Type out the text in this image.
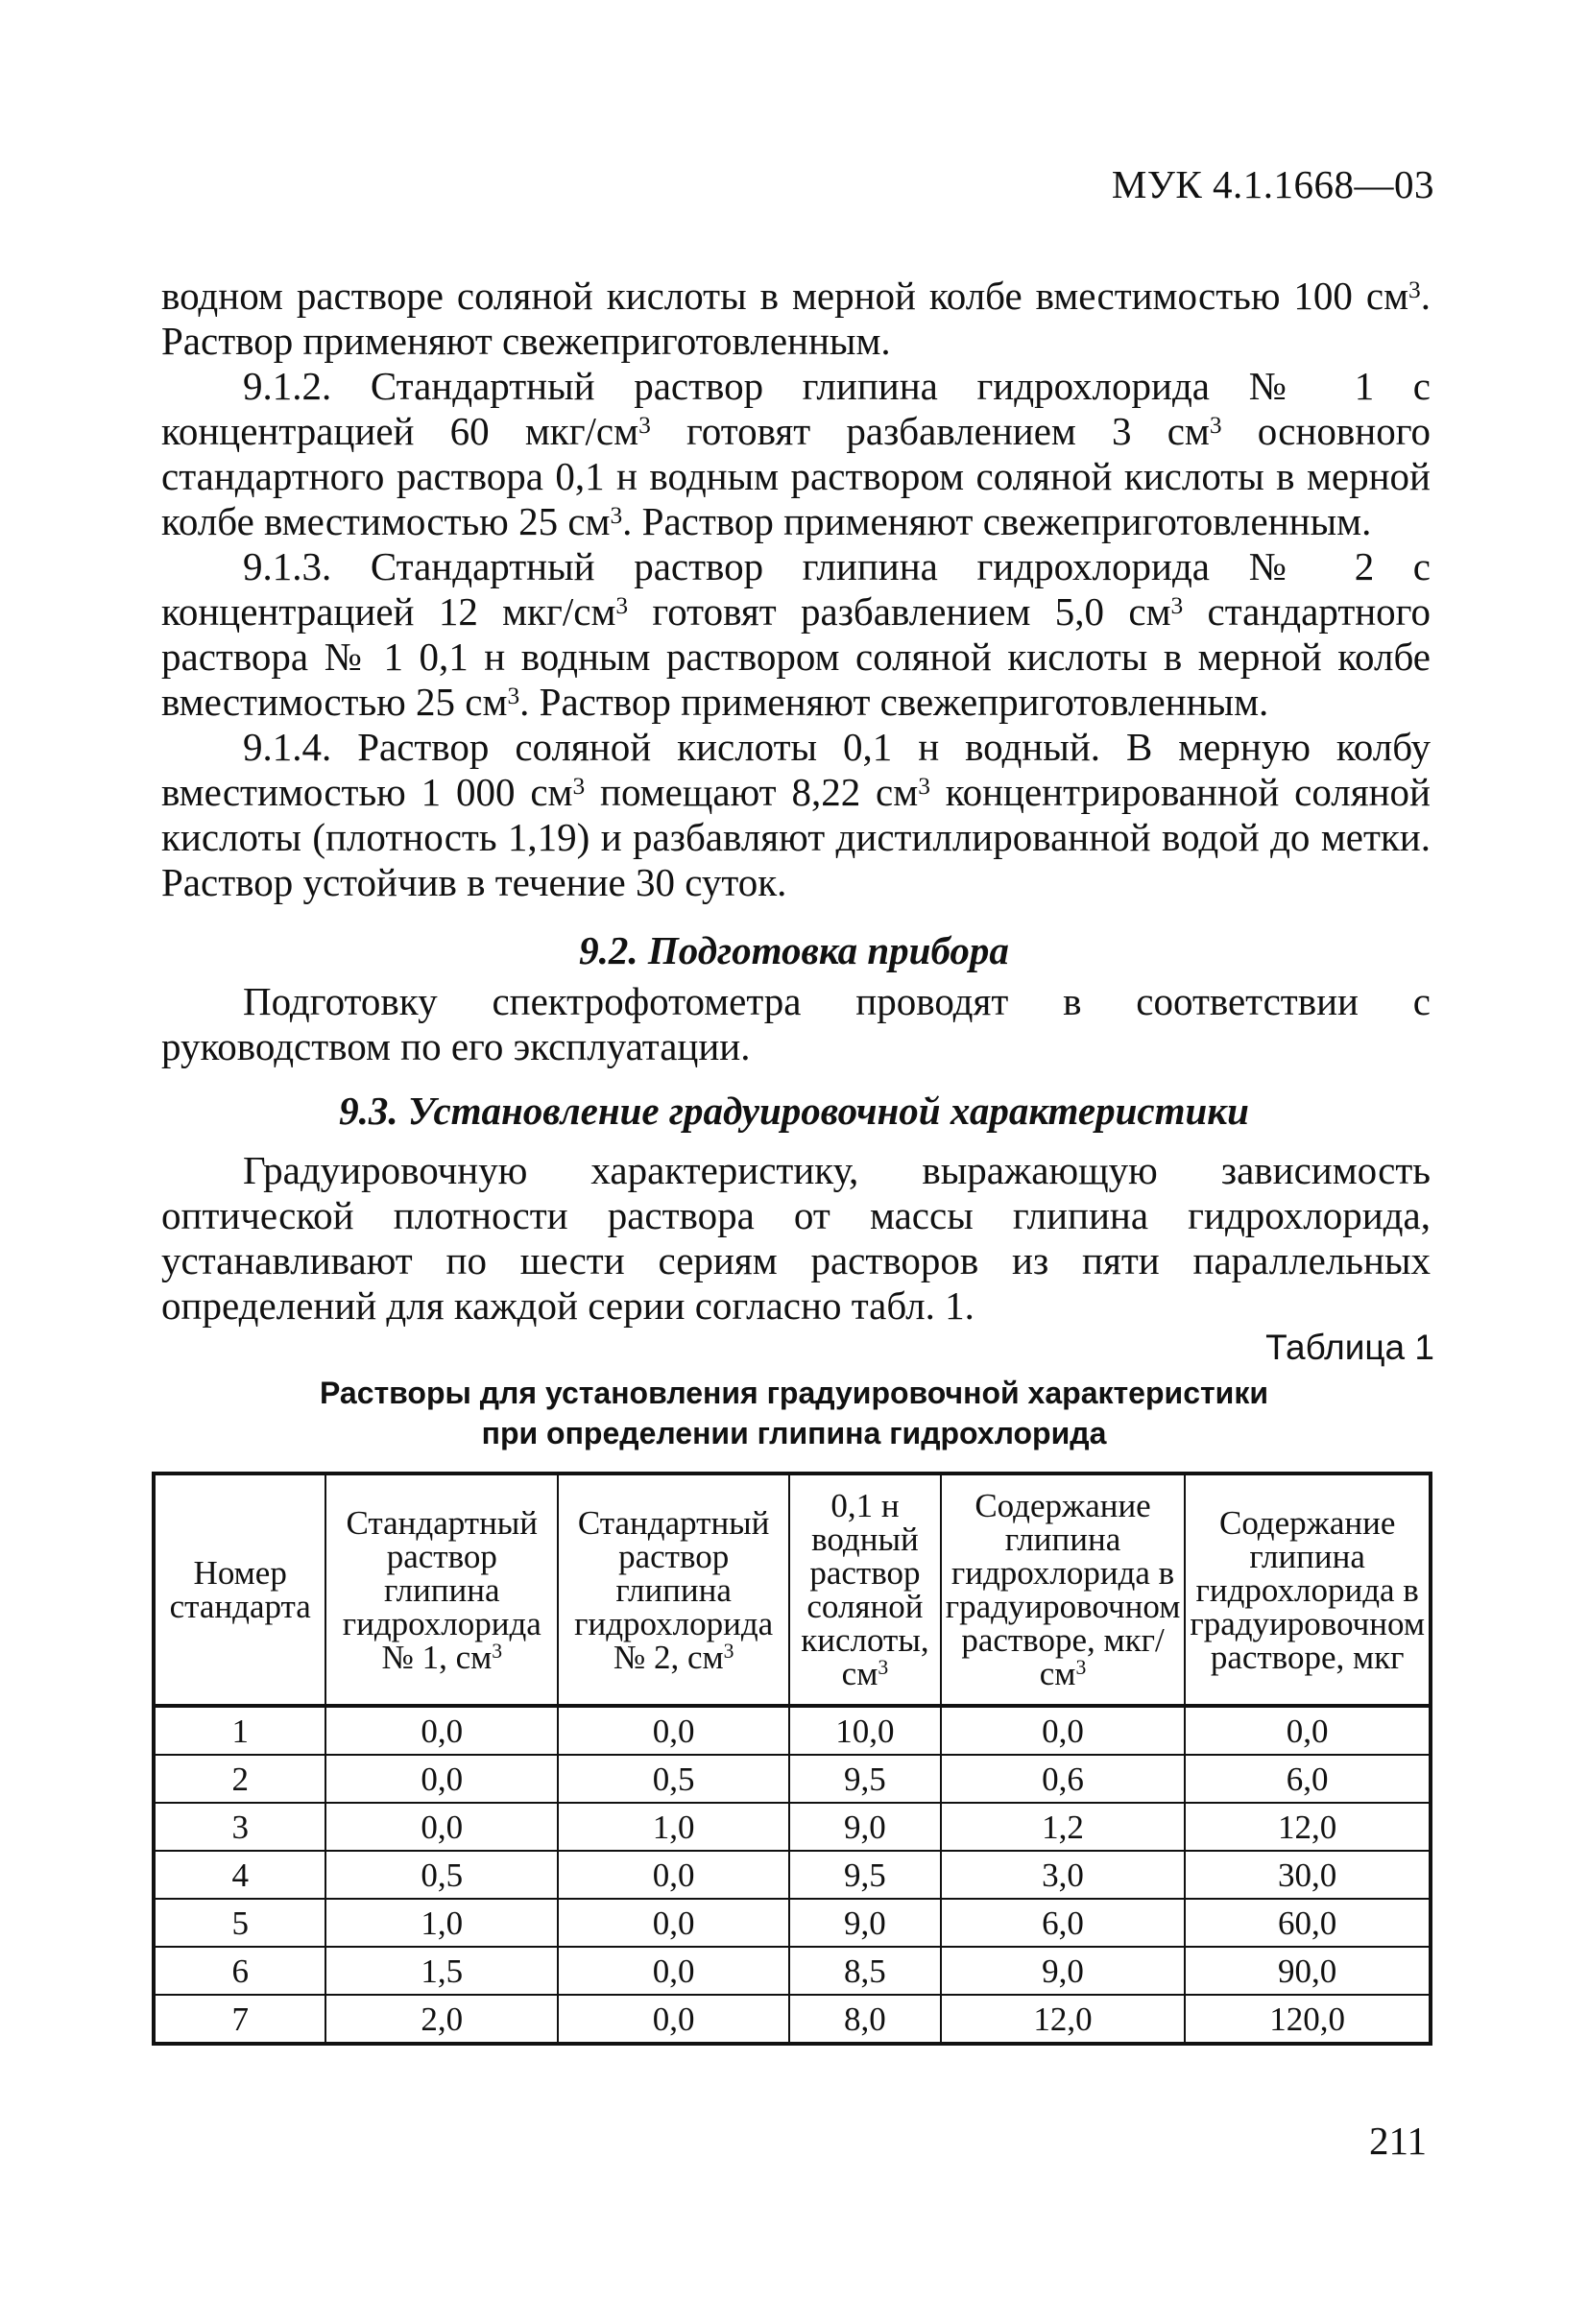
МУК 4.1.1668—03

водном растворе соляной кислоты в мерной колбе вместимостью 100 $см^3$. Раствор применяют свежеприготовленным.

9.1.2. Стандартный раствор глипина гидрохлорида № 1 с концентрацией 60 мкг/$см^3$ готовят разбавлением 3 $см^3$ основного стандартного раствора 0,1 н водным раствором соляной кислоты в мерной колбе вместимостью 25 $см^3$. Раствор применяют свежеприготовленным.

9.1.3. Стандартный раствор глипина гидрохлорида № 2 с концентрацией 12 мкг/$см^3$ готовят разбавлением 5,0 $см^3$ стандартного раствора № 1 0,1 н водным раствором соляной кислоты в мерной колбе вместимостью 25 $см^3$. Раствор применяют свежеприготовленным.

9.1.4. Раствор соляной кислоты 0,1 н водный. В мерную колбу вместимостью 1 000 $см^3$ помещают 8,22 $см^3$ концентрированной соляной кислоты (плотность 1,19) и разбавляют дистиллированной водой до метки. Раствор устойчив в течение 30 суток.

9.2. Подготовка прибора

Подготовку спектрофотометра проводят в соответствии с руководством по его эксплуатации.

9.3. Установление градуировочной характеристики

Градуировочную характеристику, выражающую зависимость оптической плотности раствора от массы глипина гидрохлорида, устанавливают по шести сериям растворов из пяти параллельных определений для каждой серии согласно табл. 1.

Таблица 1
Растворы для установления градуировочной характеристики
при определении глипина гидрохлорида
Номер стандарта	Стандартный раствор глипина гидрохлорида № 1, $см^3$	Стандартный раствор глипина гидрохлорида № 2, $см^3$	0,1 н водный раствор соляной кислоты, $см^3$	Содержание глипина гидрохлорида в градуировочном растворе, мкг/$см^3$	Содержание глипина гидрохлорида в градуировочном растворе, мкг
1	0,0	0,0	10,0	0,0	0,0
2	0,0	0,5	9,5	0,6	6,0
3	0,0	1,0	9,0	1,2	12,0
4	0,5	0,0	9,5	3,0	30,0
5	1,0	0,0	9,0	6,0	60,0
6	1,5	0,0	8,5	9,0	90,0
7	2,0	0,0	8,0	12,0	120,0
211
